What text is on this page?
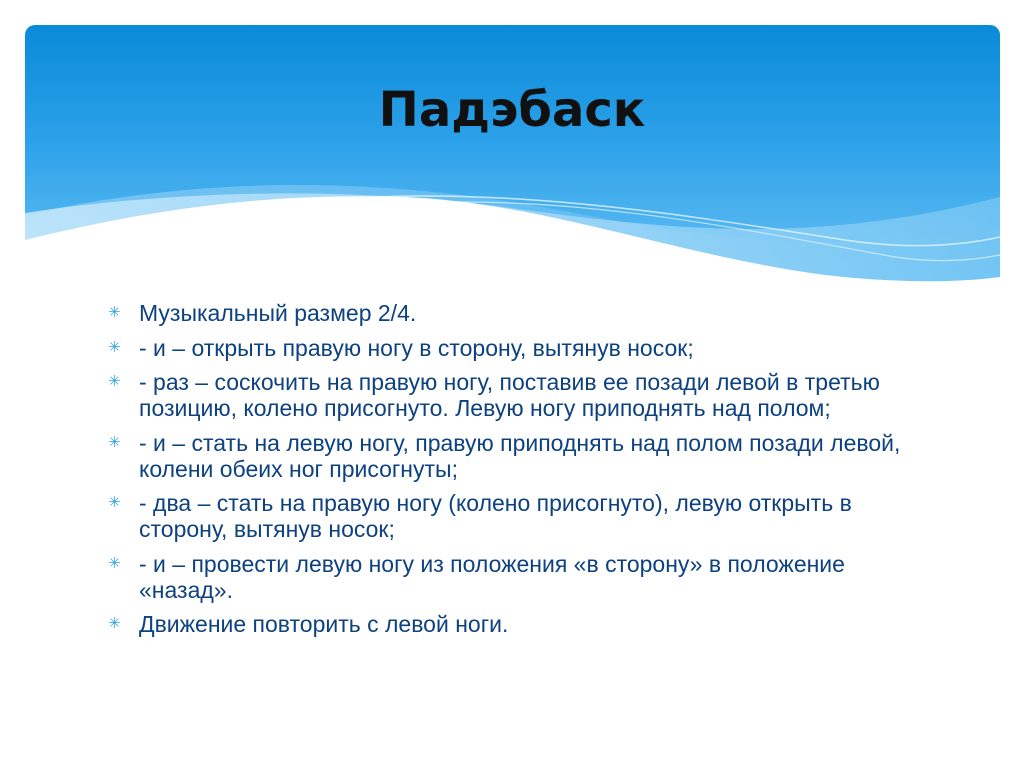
Падэбаск
✳ Музыкальный размер 2/4.
✳ - и – открыть правую ногу в сторону, вытянув носок;
✳ - раз – соскочить на правую ногу, поставив ее позади левой в третью позицию, колено присогнуто. Левую ногу приподнять над полом;
✳ - и – стать на левую ногу, правую приподнять над полом позади левой, колени обеих ног присогнуты;
✳ - два – стать на правую ногу (колено присогнуто), левую открыть в сторону, вытянув носок;
✳ - и – провести левую ногу из положения «в сторону» в положение «назад».
✳ Движение повторить с левой ноги.
